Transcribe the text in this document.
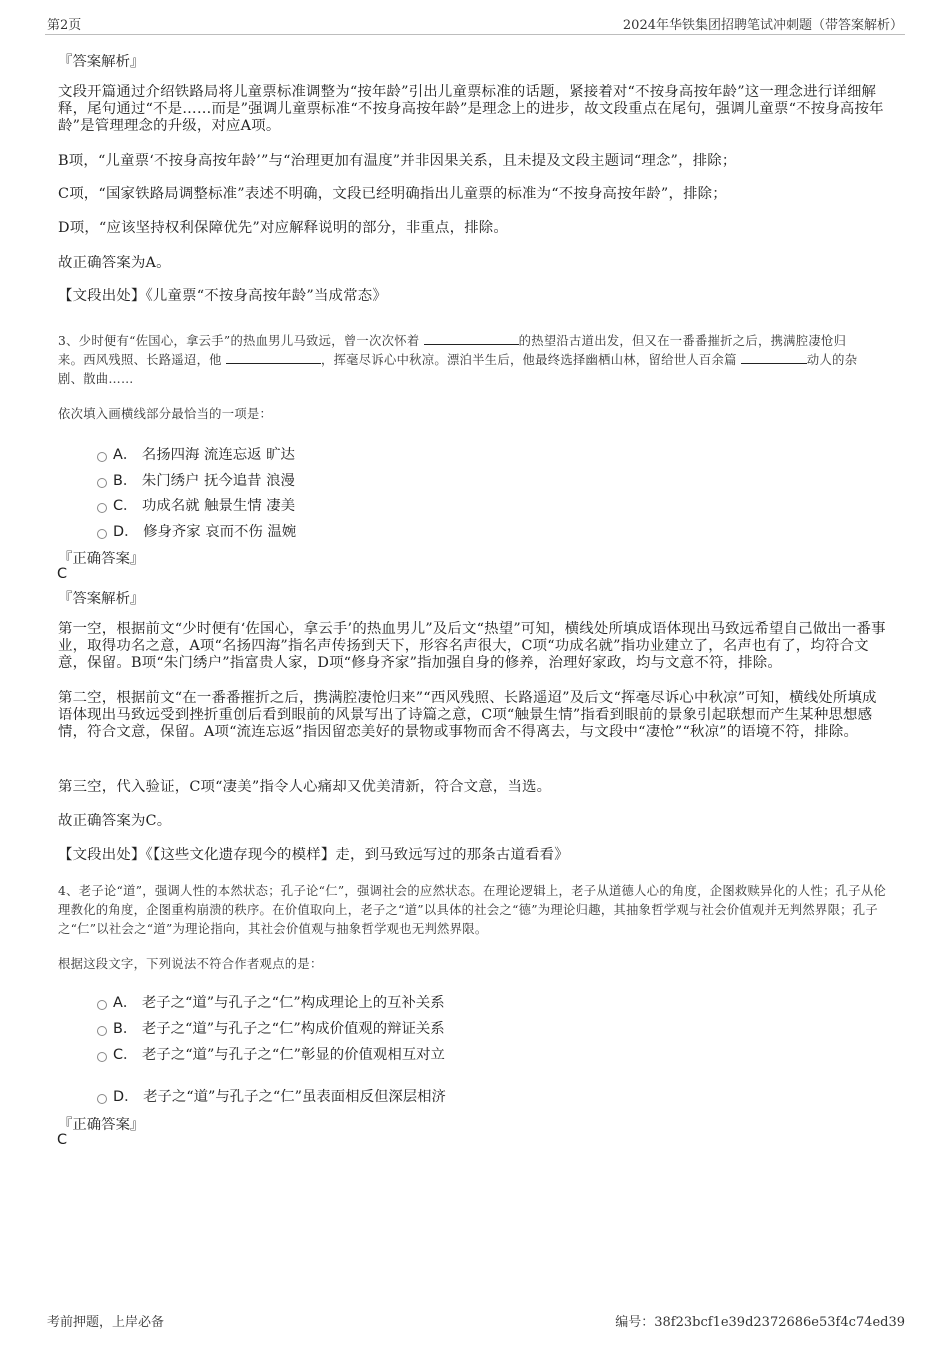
第2页	2024年华铁集团招聘笔试冲刺题（带答案解析）
『答案解析』
文段开篇通过介绍铁路局将儿童票标准调整为“按年龄”引出儿童票标准的话题，紧接着对“不按身高按年龄”这一理念进行详细解释，尾句通过“不是……而是”强调儿童票标准“不按身高按年龄”是理念上的进步，故文段重点在尾句，强调儿童票“不按身高按年龄”是管理理念的升级，对应A项。
B项，“儿童票‘不按身高按年龄’”与“治理更加有温度”并非因果关系，且未提及文段主题词“理念”，排除；
C项，“国家铁路局调整标准”表述不明确，文段已经明确指出儿童票的标准为“不按身高按年龄”，排除；
D项，“应该坚持权利保障优先”对应解释说明的部分，非重点，排除。
故正确答案为A。
【文段出处】《儿童票“不按身高按年龄”当成常态》
3、少时便有“佐国心，拿云手”的热血男儿马致远，曾一次次怀着	的热望沿古道出发，但又在一番番摧折之后，携满腔凄怆归
来。西风残照、长路遥迢，他	，挥毫尽诉心中秋凉。漂泊半生后，他最终选择幽栖山林，留给世人百余篇	动人的杂
剧、散曲……
依次填入画横线部分最恰当的一项是：
A． 名扬四海 流连忘返 旷达
B． 朱门绣户 抚今追昔 浪漫
C． 功成名就 触景生情 凄美
D． 修身齐家 哀而不伤 温婉
『正确答案』
C
『答案解析』
第一空，根据前文“少时便有‘佐国心，拿云手’的热血男儿”及后文“热望”可知，横线处所填成语体现出马致远希望自己做出一番事业，取得功名之意，A项“名扬四海”指名声传扬到天下，形容名声很大，C项“功成名就”指功业建立了，名声也有了，均符合文意，保留。B项“朱门绣户”指富贵人家，D项“修身齐家”指加强自身的修养，治理好家政，均与文意不符，排除。
第二空，根据前文“在一番番摧折之后，携满腔凄怆归来”“西风残照、长路遥迢”及后文“挥毫尽诉心中秋凉”可知，横线处所填成语体现出马致远受到挫折重创后看到眼前的风景写出了诗篇之意，C项“触景生情”指看到眼前的景象引起联想而产生某种思想感情，符合文意，保留。A项“流连忘返”指因留恋美好的景物或事物而舍不得离去，与文段中“凄怆”“秋凉”的语境不符，排除。
第三空，代入验证，C项“凄美”指令人心痛却又优美清新，符合文意，当选。
故正确答案为C。
【文段出处】《【这些文化遗存现今的模样】走，到马致远写过的那条古道看看》
4、老子论“道”，强调人性的本然状态；孔子论“仁”，强调社会的应然状态。在理论逻辑上，老子从道德人心的角度，企图救赎异化的人性；孔子从伦理教化的角度，企图重构崩溃的秩序。在价值取向上，老子之“道”以具体的社会之“德”为理论归趣，其抽象哲学观与社会价值观并无判然界限；孔子之“仁”以社会之“道”为理论指向，其社会价值观与抽象哲学观也无判然界限。
根据这段文字，下列说法不符合作者观点的是：
A． 老子之“道”与孔子之“仁”构成理论上的互补关系
B． 老子之“道”与孔子之“仁”构成价值观的辩证关系
C． 老子之“道”与孔子之“仁”彰显的价值观相互对立
D． 老子之“道”与孔子之“仁”虽表面相反但深层相济
『正确答案』
C
考前押题，上岸必备	编号：38f23bcf1e39d2372686e53f4c74ed39
